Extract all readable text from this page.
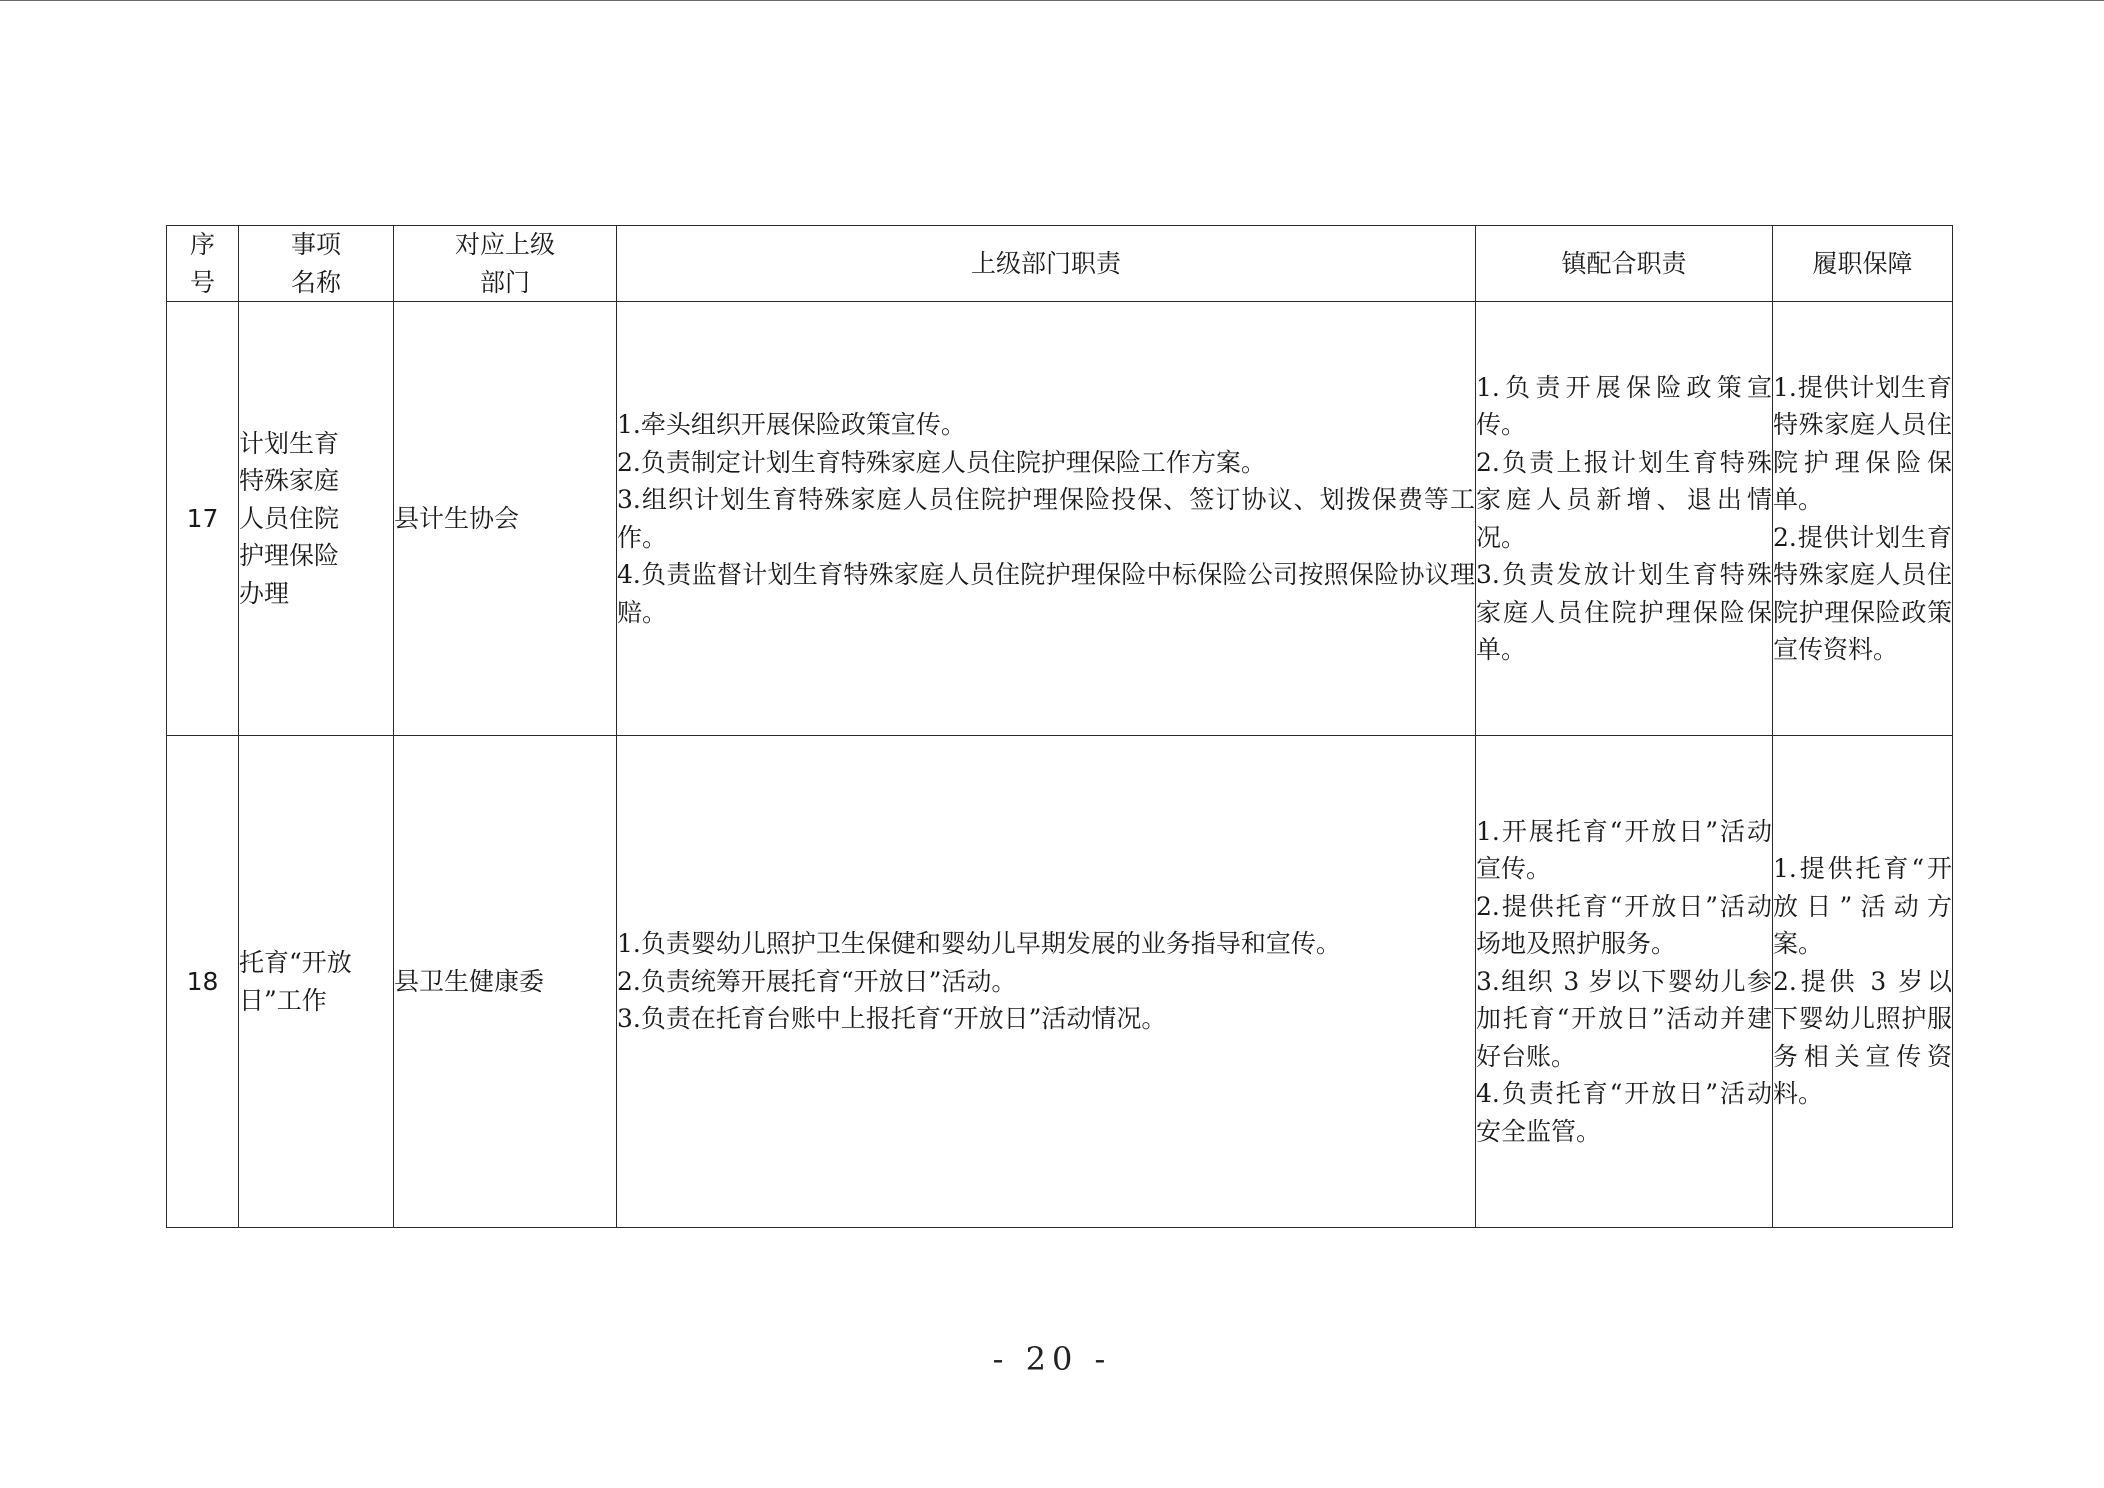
序
号	事项
名称	对应上级
部门	上级部门职责	镇配合职责	履职保障
17	计划生育
特殊家庭
人员住院
护理保险
办理	县计生协会	1.牵头组织开展保险政策宣传。
2.负责制定计划生育特殊家庭人员住院护理保险工作方案。
3.组织计划生育特殊家庭人员住院护理保险投保、签订协议、划拨保费等工作。
4.负责监督计划生育特殊家庭人员住院护理保险中标保险公司按照保险协议理赔。	1.负责开展保险政策宣传。
2.负责上报计划生育特殊家庭人员新增、退出情况。
3.负责发放计划生育特殊家庭人员住院护理保险保单。	1.提供计划生育特殊家庭人员住院护理保险保单。
2.提供计划生育特殊家庭人员住院护理保险政策宣传资料。

18	托育“开放
日”工作	县卫生健康委	1.负责婴幼儿照护卫生保健和婴幼儿早期发展的业务指导和宣传。
2.负责统筹开展托育“开放日”活动。
3.负责在托育台账中上报托育“开放日”活动情况。	1.开展托育“开放日”活动宣传。
2.提供托育“开放日”活动场地及照护服务。
3.组织 3 岁以下婴幼儿参加托育“开放日”活动并建好台账。
4.负责托育“开放日”活动安全监管。	1.提供托育“开放日”活动方案。
2.提供 3 岁以下婴幼儿照护服务相关宣传资料。
- 20 -
